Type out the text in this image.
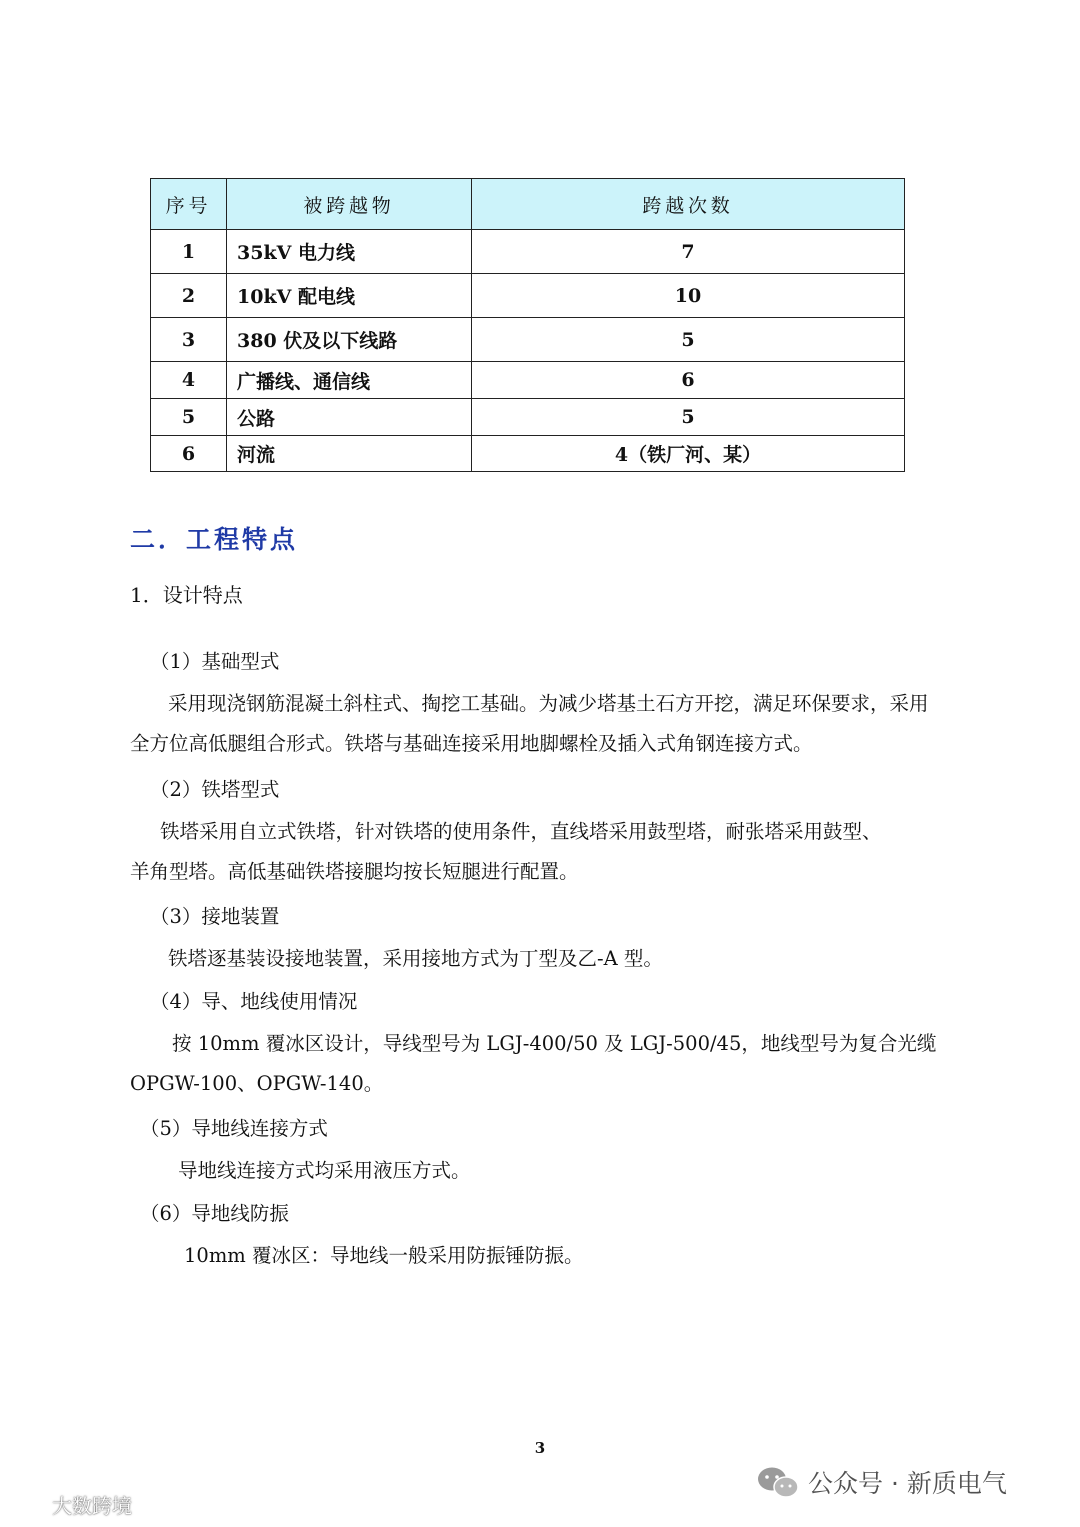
序号	被跨越物	跨越次数
1	35kV 电力线	7
2	10kV 配电线	10
3	380 伏及以下线路	5
4	广播线、通信线	6
5	公路	5
6	河流	4（铁厂河、某）
二．工程特点
1．设计特点

（1）基础型式

采用现浇钢筋混凝土斜柱式、掏挖工基础。为减少塔基土石方开挖，满足环保要求，采用

全方位高低腿组合形式。铁塔与基础连接采用地脚螺栓及插入式角钢连接方式。

（2）铁塔型式

铁塔采用自立式铁塔，针对铁塔的使用条件，直线塔采用鼓型塔，耐张塔采用鼓型、

羊角型塔。高低基础铁塔接腿均按长短腿进行配置。

（3）接地装置

铁塔逐基装设接地装置，采用接地方式为丁型及乙-A 型。

（4）导、地线使用情况

按 10mm 覆冰区设计，导线型号为 LGJ-400/50 及 LGJ-500/45，地线型号为复合光缆

OPGW-100、OPGW-140。

（5）导地线连接方式

导地线连接方式均采用液压方式。

（6）导地线防振

10mm 覆冰区：导地线一般采用防振锤防振。

3
大数跨境
公众号 · 新质电气
